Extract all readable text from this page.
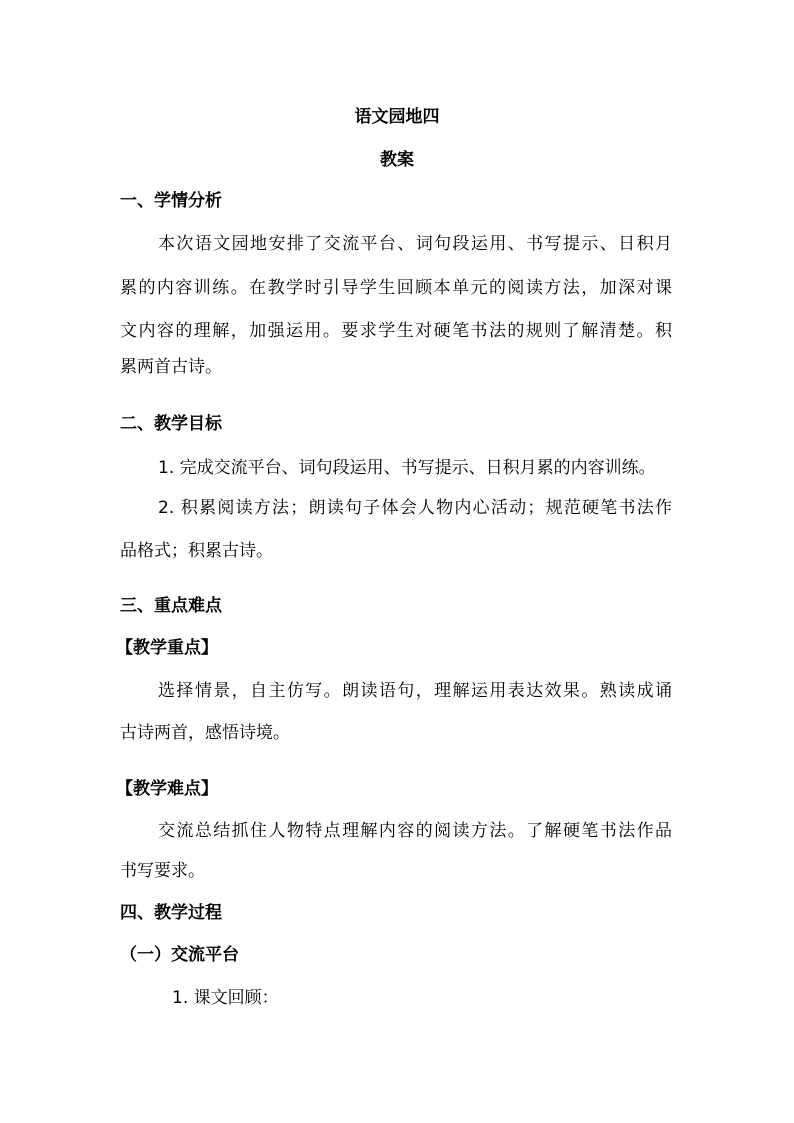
语文园地四
教案
一、学情分析
本次语文园地安排了交流平台、词句段运用、书写提示、日积月
累的内容训练。在教学时引导学生回顾本单元的阅读方法，加深对课
文内容的理解，加强运用。要求学生对硬笔书法的规则了解清楚。积
累两首古诗。
二、教学目标
1. 完成交流平台、词句段运用、书写提示、日积月累的内容训练。
2. 积累阅读方法；朗读句子体会人物内心活动；规范硬笔书法作
品格式；积累古诗。
三、重点难点
【教学重点】
选择情景，自主仿写。朗读语句，理解运用表达效果。熟读成诵
古诗两首，感悟诗境。
【教学难点】
交流总结抓住人物特点理解内容的阅读方法。了解硬笔书法作品
书写要求。
四、教学过程
（一）交流平台
1. 课文回顾：
